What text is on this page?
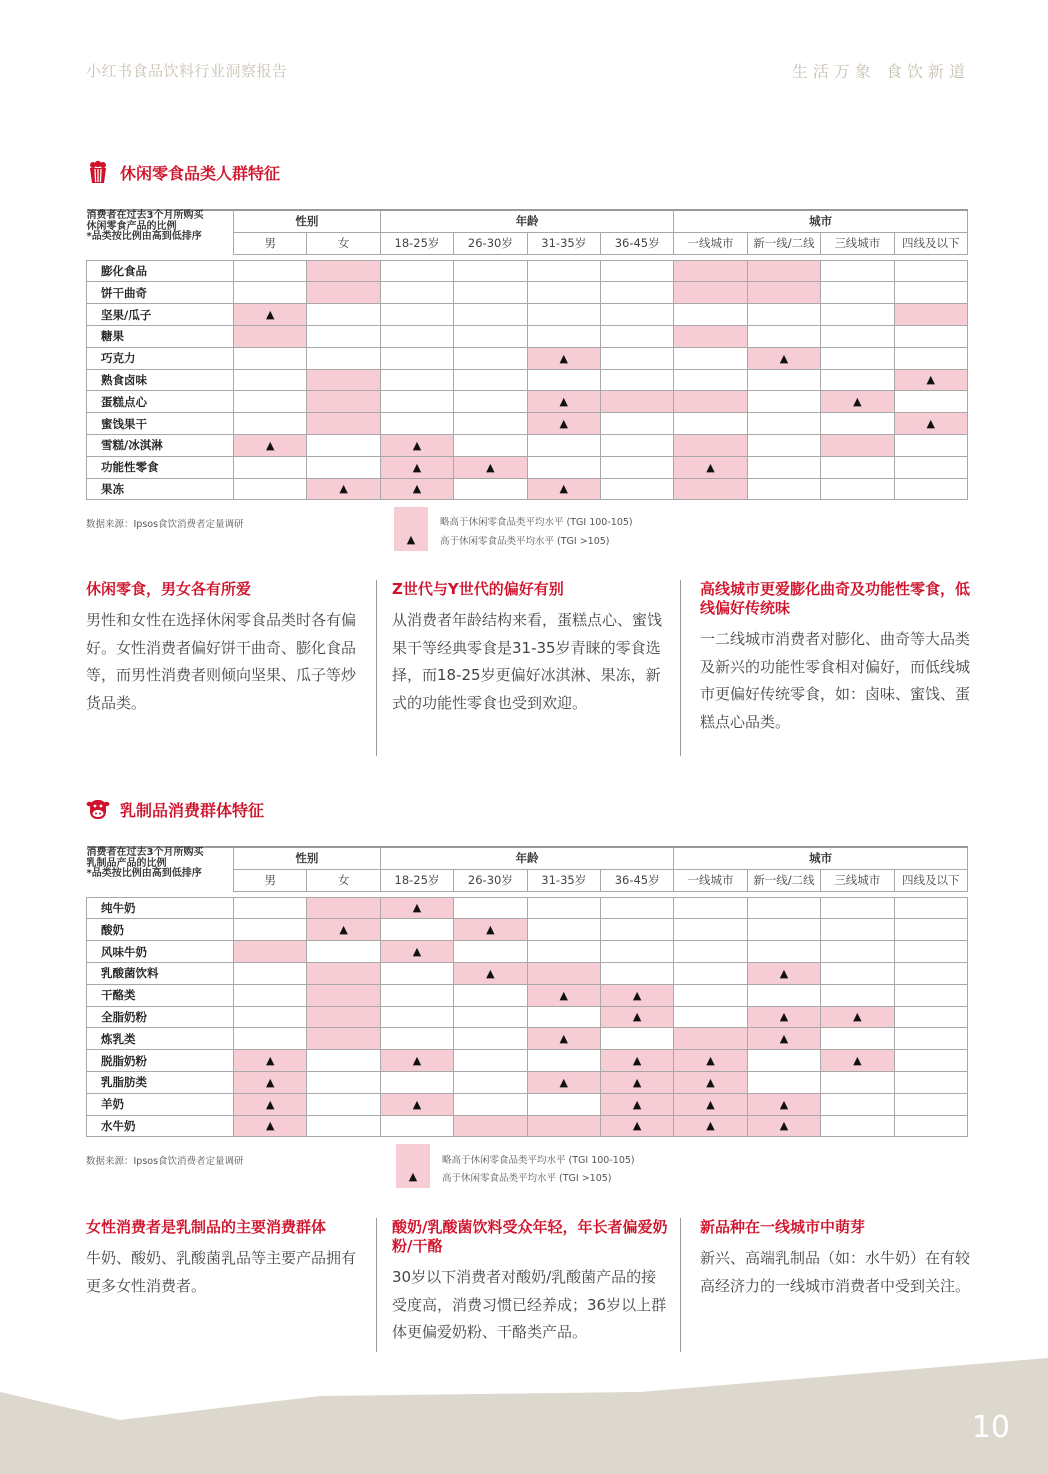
小红书食品饮料行业洞察报告	生活万象 食饮新道
休闲零食品类人群特征
消费者在过去3个月所购买
休闲零食产品的比例
*品类按比例由高到低排序	性别		年龄				城市			
	男	女	18-25岁	26-30岁	31-35岁	36-45岁	一线城市	新一线/二线	三线城市	四线及以下

膨化食品										
饼干曲奇										
坚果/瓜子	▲									
糖果										
巧克力					▲			▲		
熟食卤味										▲
蛋糕点心					▲				▲	
蜜饯果干					▲					▲
雪糕/冰淇淋	▲		▲							
功能性零食			▲	▲			▲			
果冻		▲	▲		▲					
数据来源：Ipsos食饮消费者定量调研	略高于休闲零食品类平均水平 (TGI 100-105)
▲	高于休闲零食品类平均水平 (TGI >105)
休闲零食，男女各有所爱

男性和女性在选择休闲零食品类时各有偏好。女性消费者偏好饼干曲奇、膨化食品等，而男性消费者则倾向坚果、瓜子等炒货品类。

Z世代与Y世代的偏好有别

从消费者年龄结构来看，蛋糕点心、蜜饯果干等经典零食是31-35岁青睐的零食选择，而18-25岁更偏好冰淇淋、果冻，新式的功能性零食也受到欢迎。

高线城市更爱膨化曲奇及功能性零食，低线偏好传统味

一二线城市消费者对膨化、曲奇等大品类及新兴的功能性零食相对偏好，而低线城市更偏好传统零食，如：卤味、蜜饯、蛋糕点心品类。

乳制品消费群体特征
消费者在过去3个月所购买
乳制品产品的比例
*品类按比例由高到低排序	性别		年龄				城市			
	男	女	18-25岁	26-30岁	31-35岁	36-45岁	一线城市	新一线/二线	三线城市	四线及以下

纯牛奶			▲							
酸奶		▲		▲						
风味牛奶			▲							
乳酸菌饮料				▲				▲		
干酪类					▲	▲				
全脂奶粉						▲		▲	▲	
炼乳类					▲			▲		
脱脂奶粉	▲		▲			▲	▲		▲	
乳脂肪类	▲				▲	▲	▲			
羊奶	▲		▲			▲	▲	▲		
水牛奶	▲					▲	▲	▲		
数据来源：Ipsos食饮消费者定量调研	略高于休闲零食品类平均水平 (TGI 100-105)
▲	高于休闲零食品类平均水平 (TGI >105)
女性消费者是乳制品的主要消费群体

牛奶、酸奶、乳酸菌乳品等主要产品拥有更多女性消费者。

酸奶/乳酸菌饮料受众年轻，年长者偏爱奶粉/干酪

30岁以下消费者对酸奶/乳酸菌产品的接受度高，消费习惯已经养成；36岁以上群体更偏爱奶粉、干酪类产品。

新品种在一线城市中萌芽

新兴、高端乳制品（如：水牛奶）在有较高经济力的一线城市消费者中受到关注。

10
